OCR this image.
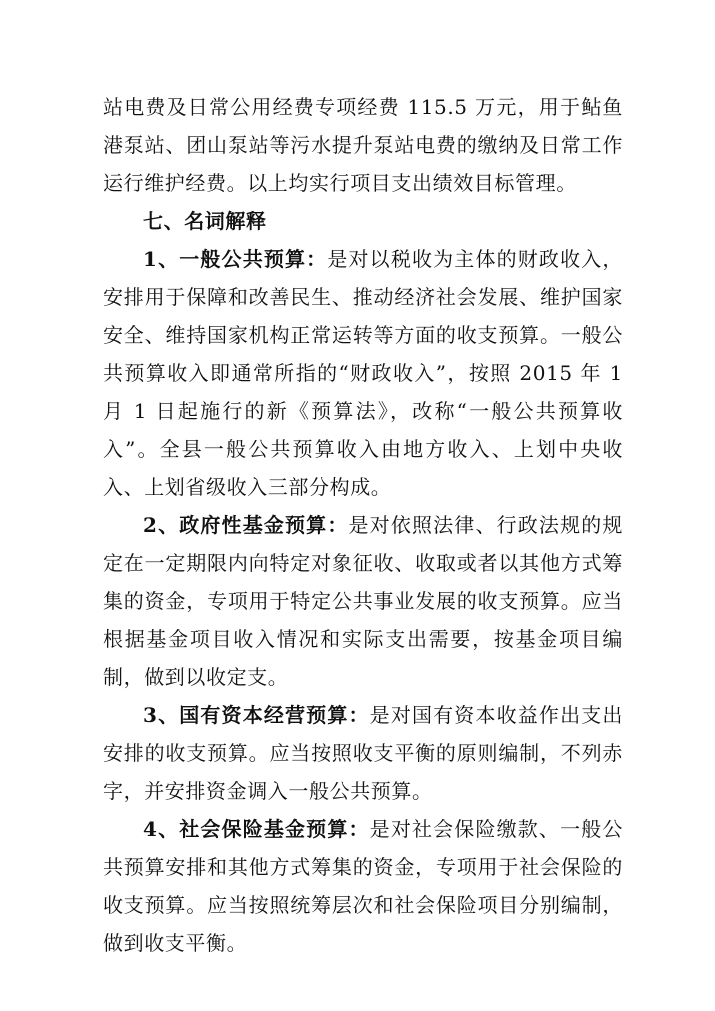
站电费及日常公用经费专项经费 115.5 万元，用于鲇鱼港泵站、团山泵站等污水提升泵站电费的缴纳及日常工作运行维护经费。以上均实行项目支出绩效目标管理。

七、名词解释

1、一般公共预算：是对以税收为主体的财政收入，安排用于保障和改善民生、推动经济社会发展、维护国家安全、维持国家机构正常运转等方面的收支预算。一般公共预算收入即通常所指的“财政收入”，按照 2015 年 1 月 1 日起施行的新《预算法》，改称“一般公共预算收入”。全县一般公共预算收入由地方收入、上划中央收入、上划省级收入三部分构成。

2、政府性基金预算：是对依照法律、行政法规的规定在一定期限内向特定对象征收、收取或者以其他方式筹集的资金，专项用于特定公共事业发展的收支预算。应当根据基金项目收入情况和实际支出需要，按基金项目编制，做到以收定支。

3、国有资本经营预算：是对国有资本收益作出支出安排的收支预算。应当按照收支平衡的原则编制，不列赤字，并安排资金调入一般公共预算。

4、社会保险基金预算：是对社会保险缴款、一般公共预算安排和其他方式筹集的资金，专项用于社会保险的收支预算。应当按照统筹层次和社会保险项目分别编制，做到收支平衡。
